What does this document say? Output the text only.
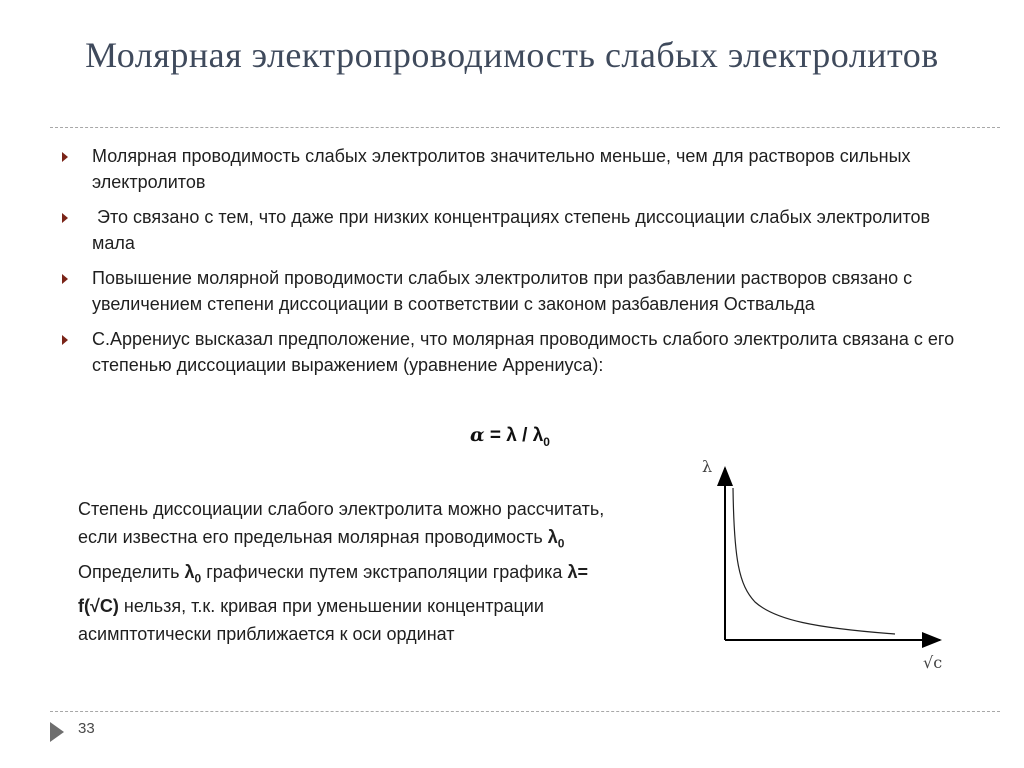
Молярная электропроводимость слабых электролитов
Молярная проводимость слабых электролитов значительно меньше, чем для растворов сильных электролитов
Это связано с тем, что даже при низких концентрациях степень диссоциации слабых электролитов мала
Повышение молярной проводимости слабых электролитов при разбавлении растворов связано с увеличением степени диссоциации в соответствии с законом разбавления Оствальда
С.Аррениус высказал предположение, что молярная проводимость слабого электролита связана с его степенью диссоциации выражением (уравнение Аррениуса):
$\alpha = \lambda / \lambda_0$
Степень диссоциации слабого электролита можно рассчитать,
если известна его предельная молярная проводимость $\lambda_0$
Определить $\lambda_0$ графически путем экстраполяции графика λ=
f(√C) нельзя, т.к. кривая при уменьшении концентрации
асимптотически приближается к оси ординат
λ
√c
33
